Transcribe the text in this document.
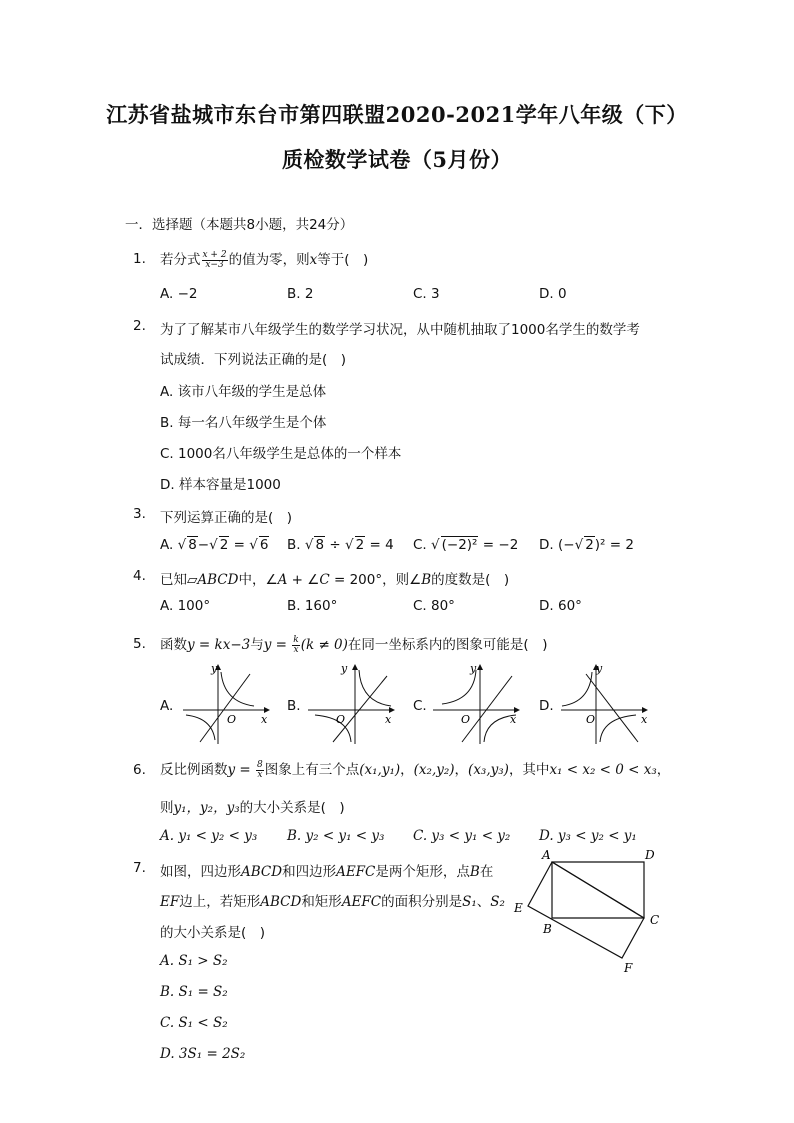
江苏省盐城市东台市第四联盟2020-2021学年八年级（下）
质检数学试卷（5月份）
一．选择题（本题共8小题，共24分）
1. 若分式 $\frac{x + 2}{x-3}$ 的值为零，则x等于(　)
A. −2	B. 2	C. 3	D. 0
2. 为了了解某市八年级学生的数学学习状况，从中随机抽取了1000名学生的数学考
试成绩．下列说法正确的是(　)
A. 该市八年级的学生是总体
B. 每一名八年级学生是个体
C. 1000名八年级学生是总体的一个样本
D. 样本容量是1000
3. 下列运算正确的是(　)
A. √ 8−√ 2 = √ 6 B. √ 8 ÷ √ 2 = 4 C. √ (−2)² = −2 D. (−√ 2)² = 2
4. 已知▱ABCD中，∠A + ∠C = 200°，则∠B的度数是(　)
A. 100°	B. 160°	C. 80°	D. 60°
5. 函数y = kx−3与$y = \frac{k}{x} (k \ne 0)$在同一坐标系内的图象可能是(　)
A.
y
x
O
B.
y
x
O
C.
y
x
O
D.
y
x
O
6. 反比例函数$y = \frac{8}{x}$ 图象上有三个点(x₁,y₁)，(x₂,y₂)，(x₃,y₃)，其中x₁ < x₂ < 0 < x₃，
则y₁，y₂，y₃的大小关系是(　)
A. y₁ < y₂ < y₃ B. y₂ < y₁ < y₃ C. y₃ < y₁ < y₂ D. y₃ < y₂ < y₁
7. 如图，四边形ABCD和四边形AEFC是两个矩形，点B在
EF边上，若矩形ABCD和矩形AEFC的面积分别是S₁、S₂
的大小关系是(　)
A. S₁ > S₂
B. S₁ = S₂
C. S₁ < S₂
D. 3S₁ = 2S₂
A	D
E
B
C
F
